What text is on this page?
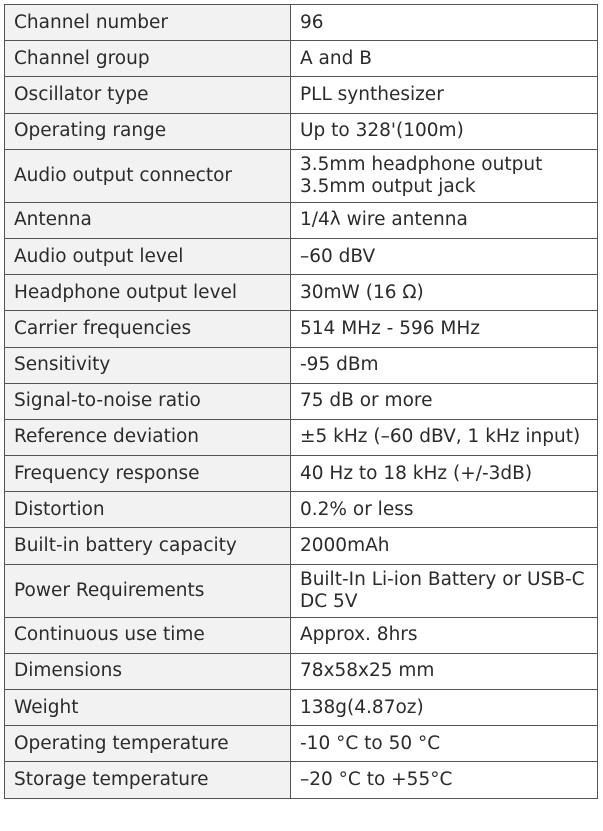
Channel number	96

Channel group	A and B

Oscillator type	PLL synthesizer

Operating range	Up to 328'(100m)

Audio output connector	3.5mm headphone output
3.5mm output jack

Antenna	1/4λ wire antenna

Audio output level	–60 dBV

Headphone output level	30mW (16 Ω)

Carrier frequencies	514 MHz - 596 MHz

Sensitivity	-95 dBm

Signal-to-noise ratio	75 dB or more

Reference deviation	±5 kHz (–60 dBV, 1 kHz input)

Frequency response	40 Hz to 18 kHz (+/-3dB)

Distortion	0.2% or less

Built-in battery capacity	2000mAh

Power Requirements	Built-In Li-ion Battery or USB-C
DC 5V

Continuous use time	Approx. 8hrs

Dimensions	78x58x25 mm

Weight	138g(4.87oz)

Operating temperature	-10 °C to 50 °C

Storage temperature	–20 °C to +55°C
